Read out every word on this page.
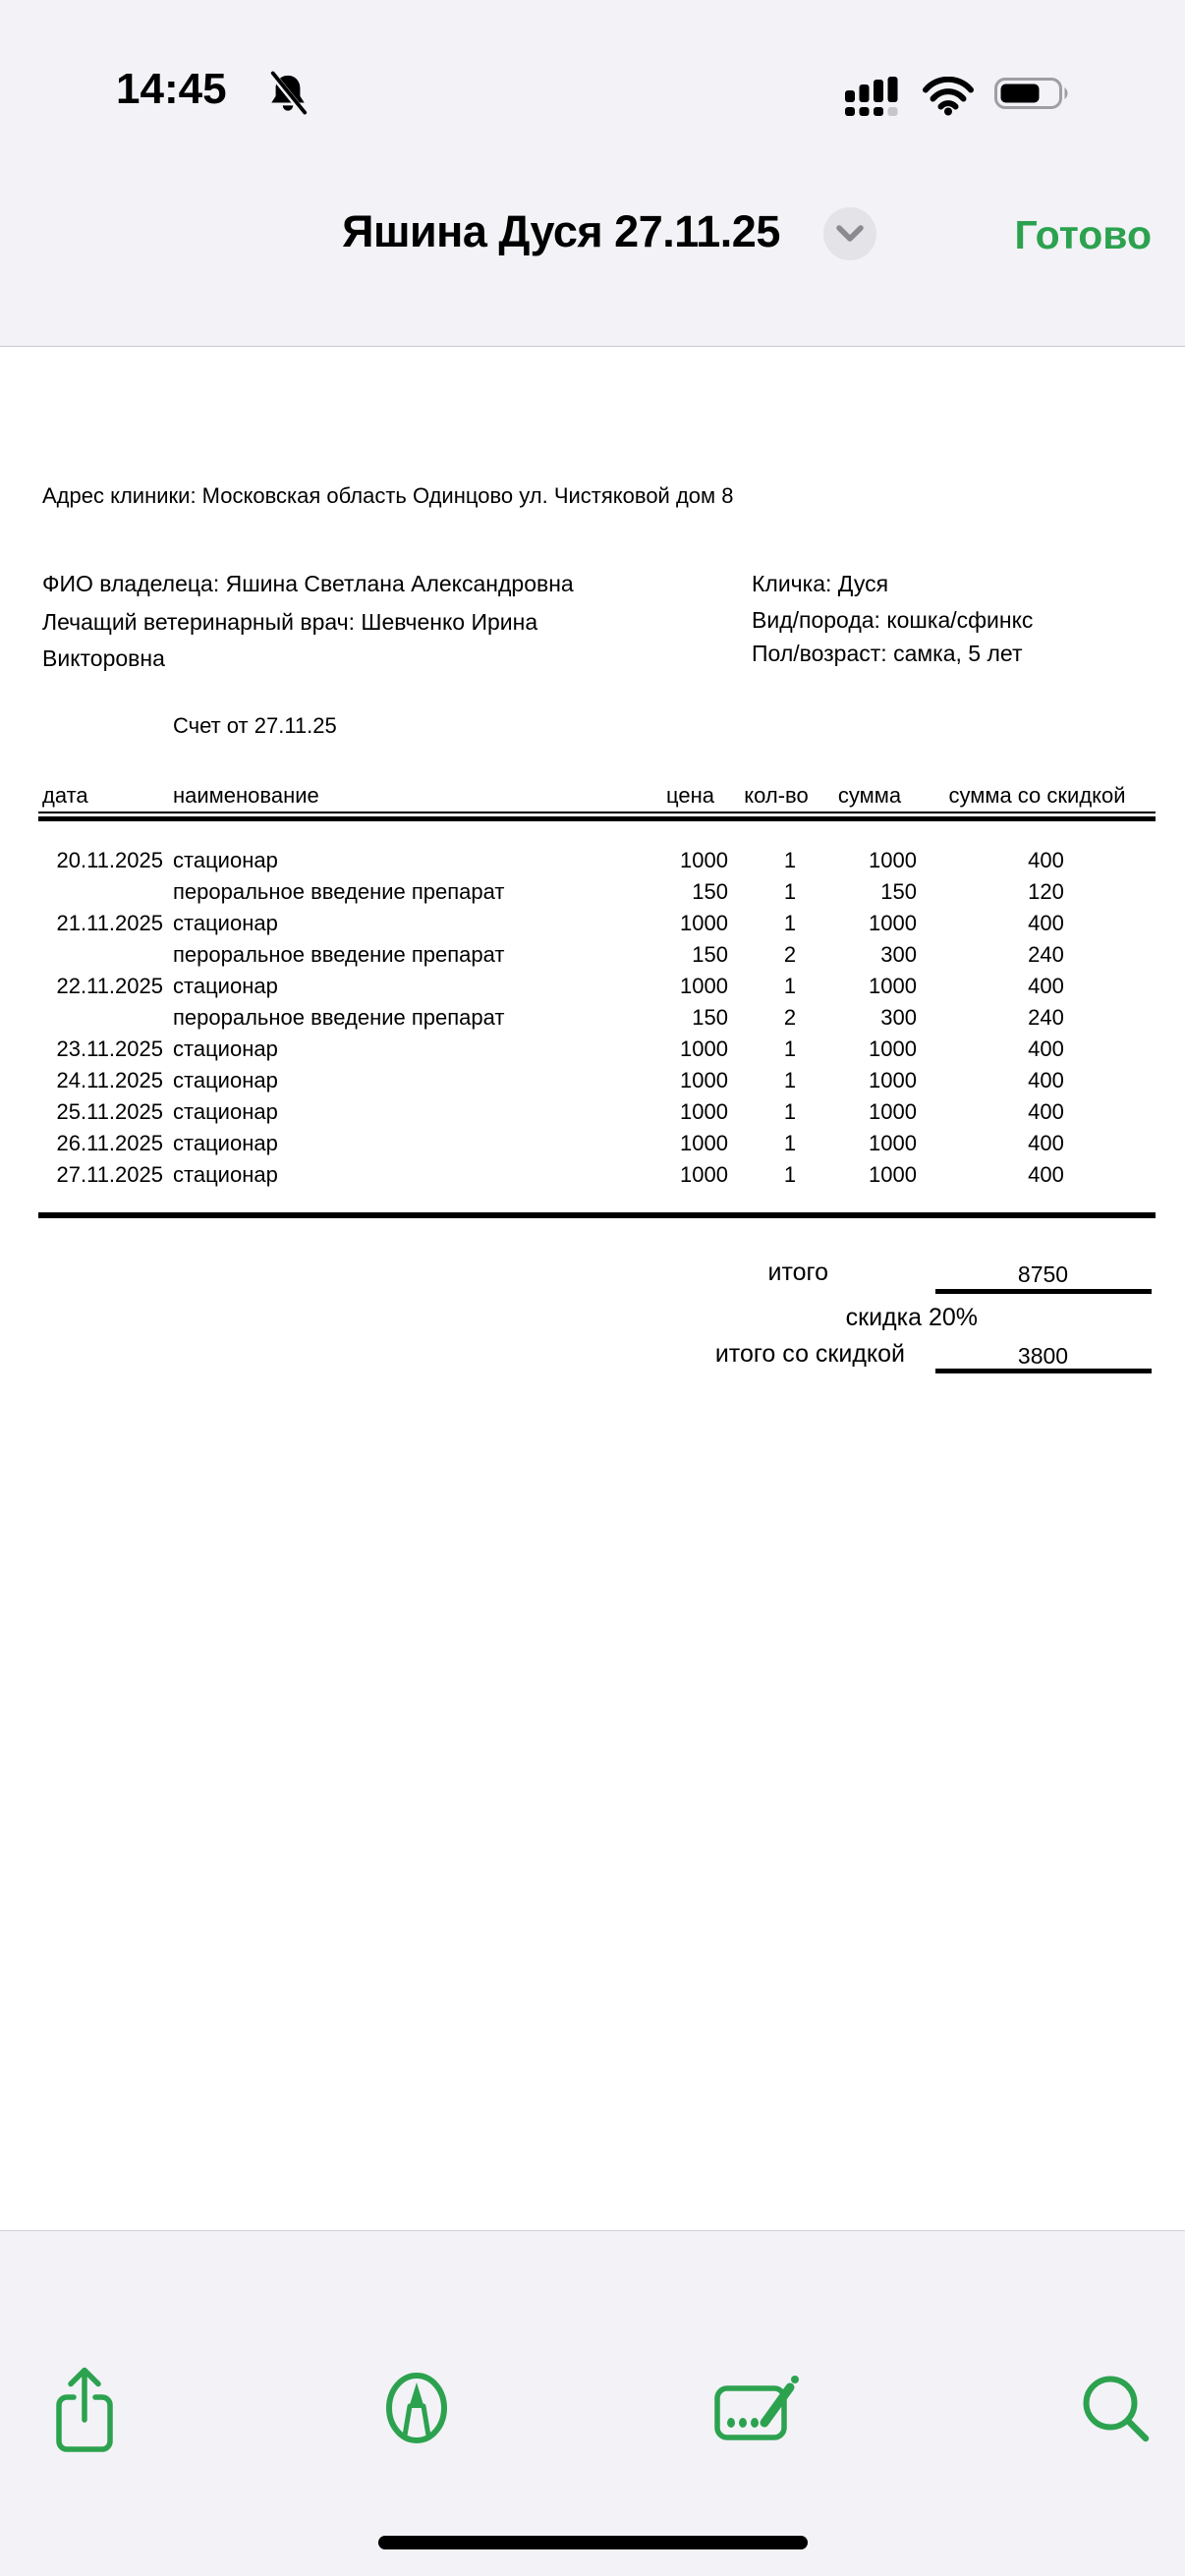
14:45
Яшина Дуся 27.11.25	Готово
Адрес клиники: Московская область Одинцово ул. Чистяковой дом 8
ФИО владелеца: Яшина Светлана Александровна
Лечащий ветеринарный врач: Шевченко Ирина
Викторовна
Кличка: Дуся
Вид/порода: кошка/сфинкс
Пол/возраст: самка, 5 лет
Счет от 27.11.25
дата	наименование	цена	кол-во	сумма	сумма со скидкой

20.11.2025	стационар	1000	1	1000	400
	пероральное введение препарат	150	1	150	120
21.11.2025	стационар	1000	1	1000	400
	пероральное введение препарат	150	2	300	240
22.11.2025	стационар	1000	1	1000	400
	пероральное введение препарат	150	2	300	240
23.11.2025	стационар	1000	1	1000	400
24.11.2025	стационар	1000	1	1000	400
25.11.2025	стационар	1000	1	1000	400
26.11.2025	стационар	1000	1	1000	400
27.11.2025	стационар	1000	1	1000	400

итого	8750
скидка 20%
итого со скидкой	3800
